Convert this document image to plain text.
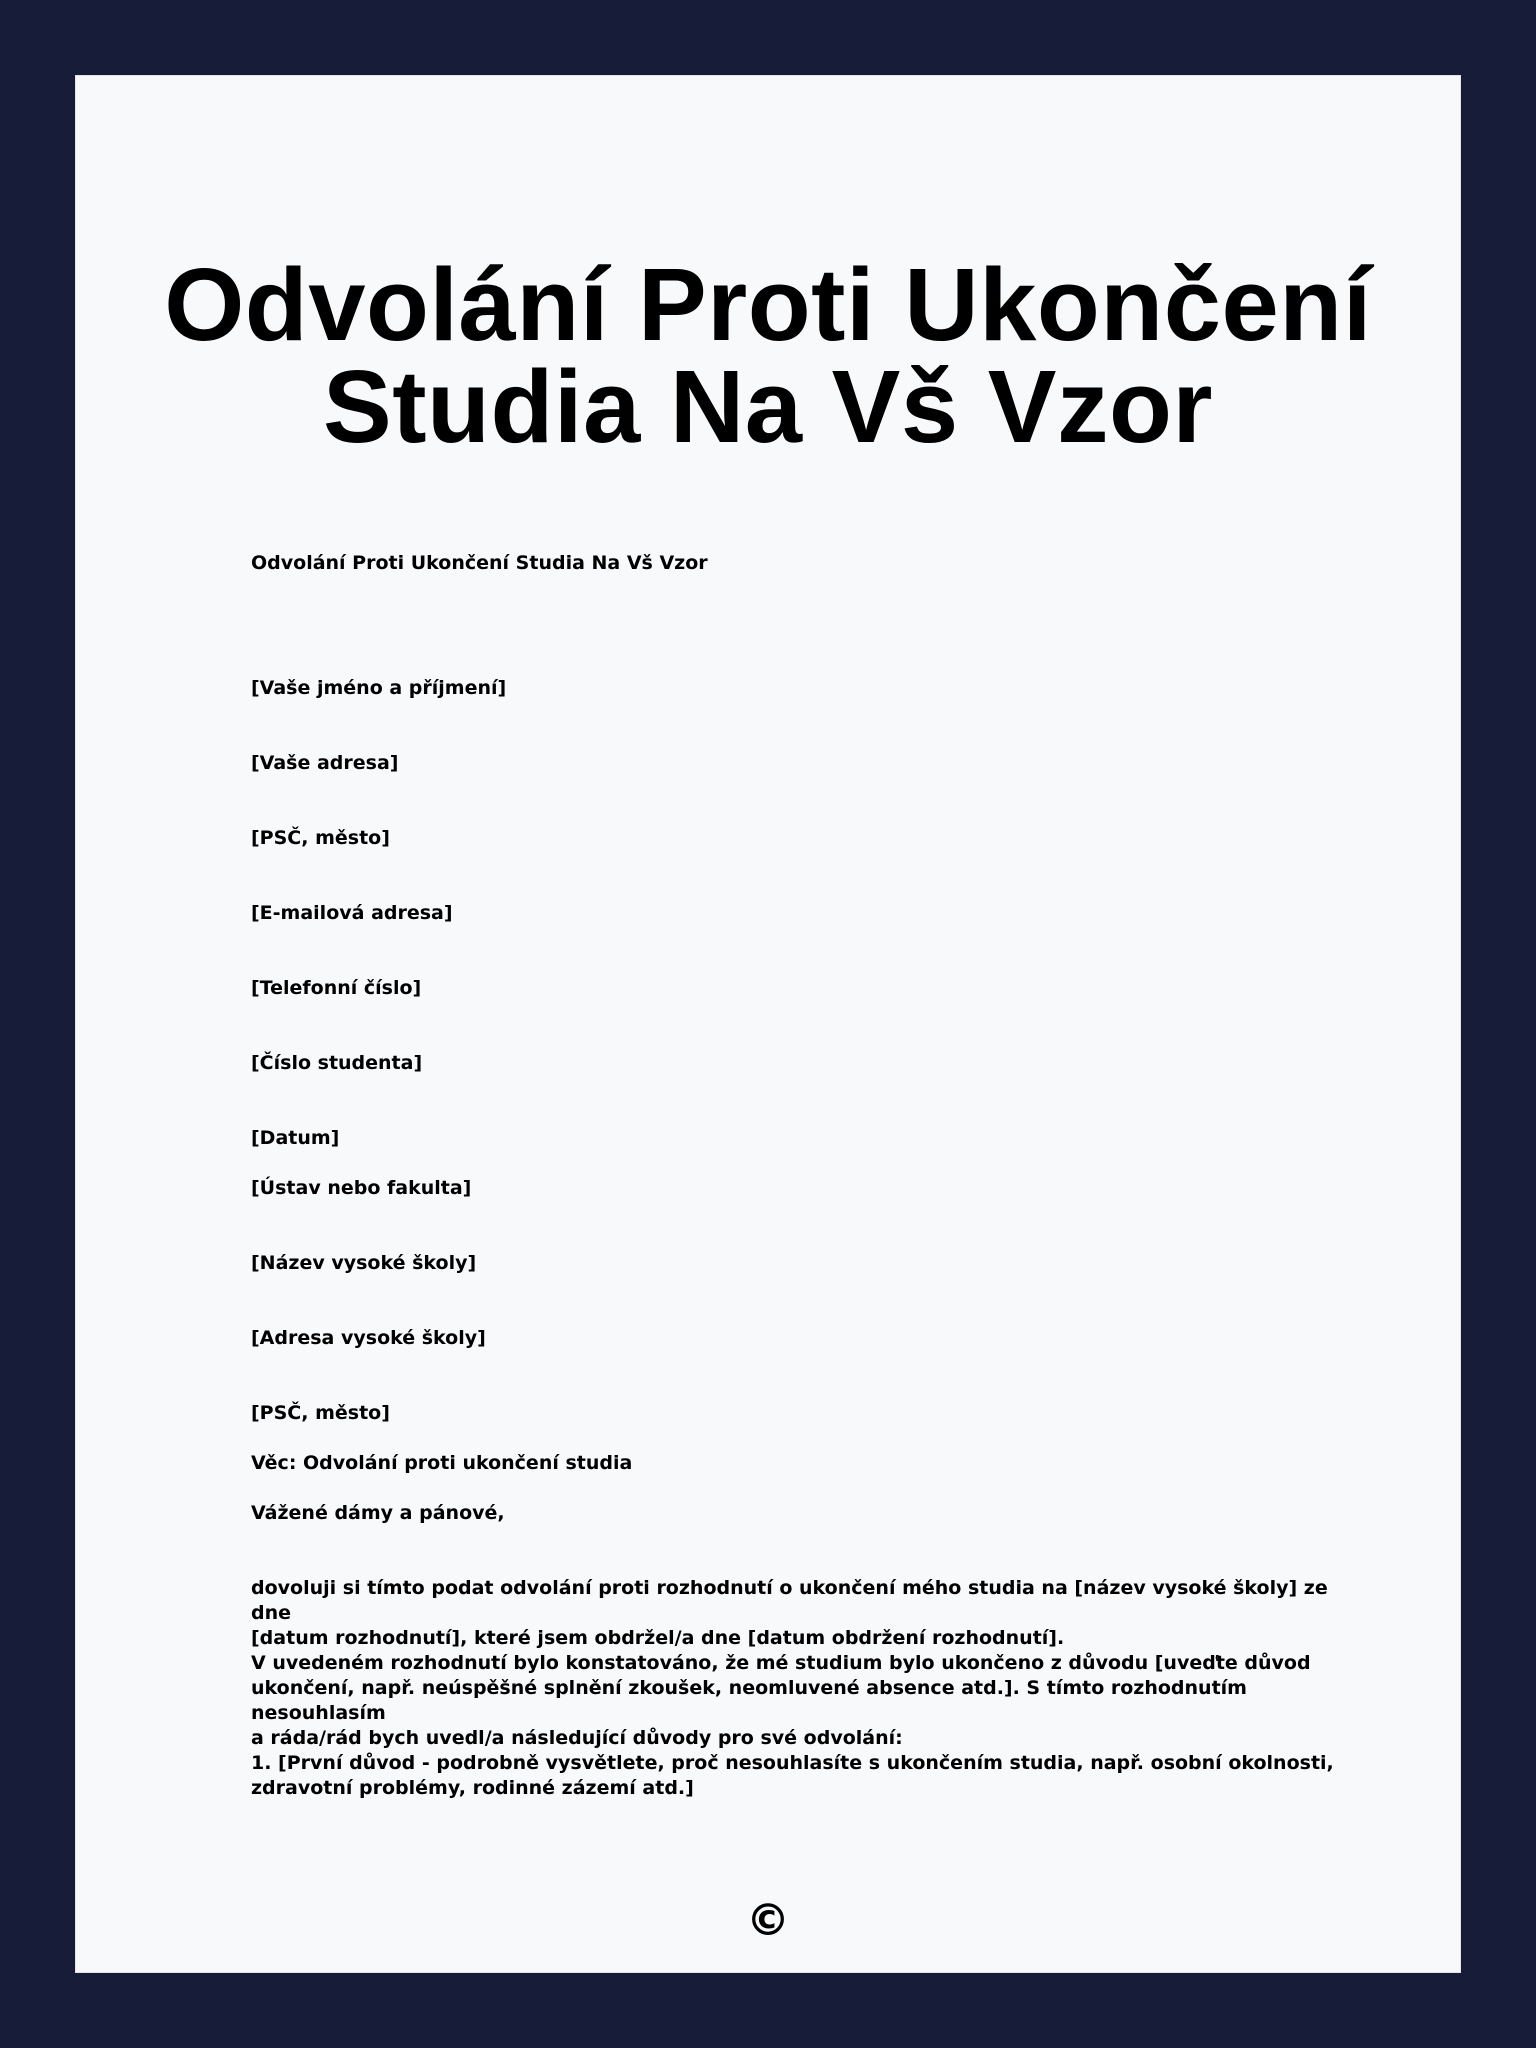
Odvolání Proti Ukončení Studia Na Vš Vzor

Odvolání Proti Ukončení Studia Na Vš Vzor

[Vaše jméno a příjmení]

[Vaše adresa]

[PSČ, město]

[E-mailová adresa]

[Telefonní číslo]

[Číslo studenta]

[Datum]

[Ústav nebo fakulta]

[Název vysoké školy]

[Adresa vysoké školy]

[PSČ, město]

Věc: Odvolání proti ukončení studia

Vážené dámy a pánové,

dovoluji si tímto podat odvolání proti rozhodnutí o ukončení mého studia na [název vysoké školy] ze dne
[datum rozhodnutí], které jsem obdržel/a dne [datum obdržení rozhodnutí].

V uvedeném rozhodnutí bylo konstatováno, že mé studium bylo ukončeno z důvodu [uveďte důvod
ukončení, např. neúspěšné splnění zkoušek, neomluvené absence atd.]. S tímto rozhodnutím nesouhlasím
a ráda/rád bych uvedl/a následující důvody pro své odvolání:

1. [První důvod - podrobně vysvětlete, proč nesouhlasíte s ukončením studia, např. osobní okolnosti,
zdravotní problémy, rodinné zázemí atd.]

©
